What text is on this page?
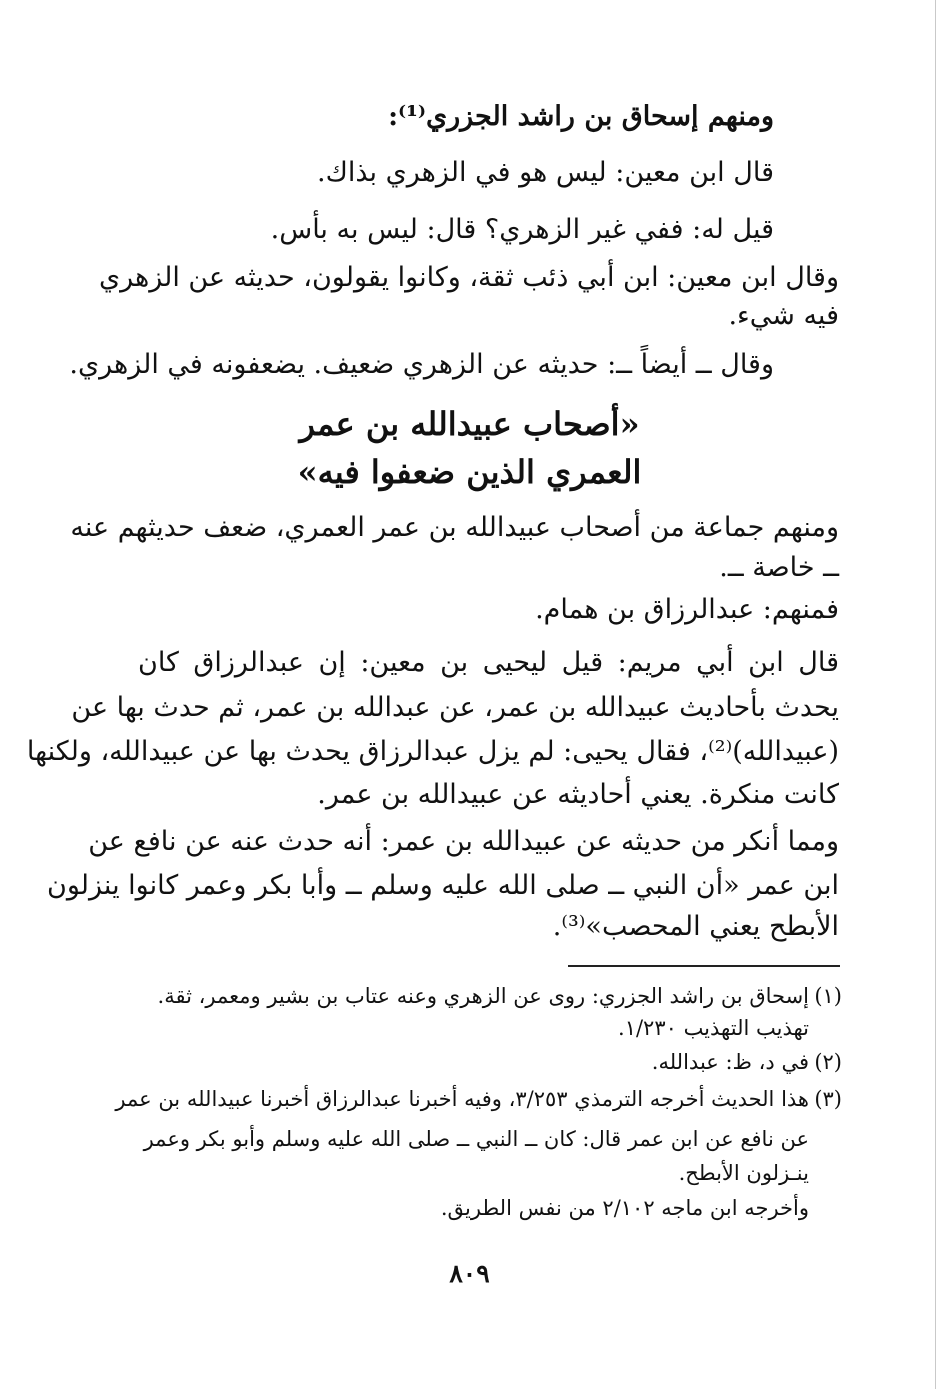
ومنهم إسحاق بن راشد الجزري⁽¹⁾:
قال ابن معين: ليس هو في الزهري بذاك.
قيل له: ففي غير الزهري؟ قال: ليس به بأس.
وقال ابن معين: ابن أبي ذئب ثقة، وكانوا يقولون، حديثه عن الزهري
فيه شيء.
وقال ــ أيضاً ــ: حديثه عن الزهري ضعيف. يضعفونه في الزهري.
«أصحاب عبيدالله بن عمر
العمري الذين ضعفوا فيه»
ومنهم جماعة من أصحاب عبيدالله بن عمر العمري، ضعف حديثهم عنه
ــ خاصة ــ.
فمنهم: عبدالرزاق بن همام.
قال ابن أبي مريم: قيل ليحيى بن معين: إن عبدالرزاق كان
يحدث بأحاديث عبيدالله بن عمر، عن عبدالله بن عمر، ثم حدث بها عن
(عبيدالله)⁽²⁾، فقال يحيى: لم يزل عبدالرزاق يحدث بها عن عبيدالله، ولكنها
كانت منكرة. يعني أحاديثه عن عبيدالله بن عمر.
ومما أنكر من حديثه عن عبيدالله بن عمر: أنه حدث عنه عن نافع عن
ابن عمر «أن النبي ــ صلى الله عليه وسلم ــ وأبا بكر وعمر كانوا ينزلون
الأبطح يعني المحصب»⁽³⁾.
(١)
إسحاق بن راشد الجزري: روى عن الزهري وعنه عتاب بن بشير ومعمر، ثقة.
تهذيب التهذيب ١/٢٣٠.
(٢)
في د، ظ: عبدالله.
(٣)
هذا الحديث أخرجه الترمذي ٣/٢٥٣، وفيه أخبرنا عبدالرزاق أخبرنا عبيدالله بن عمر
عن نافع عن ابن عمر قال: كان ــ النبي ــ صلى الله عليه وسلم وأبو بكر وعمر
ينـزلون الأبطح.
وأخرجه ابن ماجه ٢/١٠٢ من نفس الطريق.
٨٠٩
